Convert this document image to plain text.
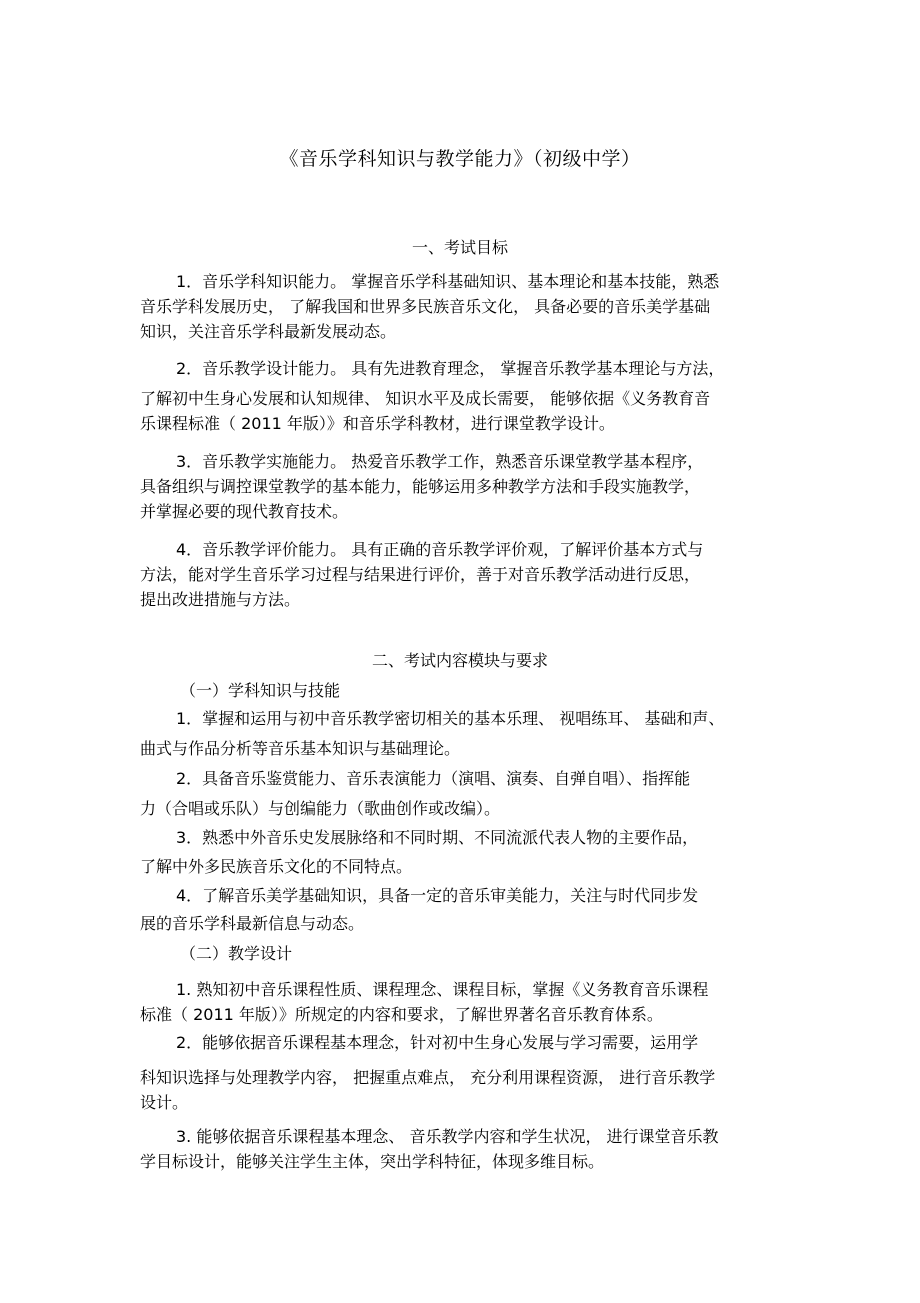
《音乐学科知识与教学能力》（初级中学）
一、考试目标
1．音乐学科知识能力。 掌握音乐学科基础知识、基本理论和基本技能，熟悉
音乐学科发展历史， 了解我国和世界多民族音乐文化， 具备必要的音乐美学基础
知识，关注音乐学科最新发展动态。
2．音乐教学设计能力。 具有先进教育理念， 掌握音乐教学基本理论与方法，
了解初中生身心发展和认知规律、 知识水平及成长需要， 能够依据《义务教育音
乐课程标准（ 2011 年版）》和音乐学科教材，进行课堂教学设计。
3．音乐教学实施能力。 热爱音乐教学工作，熟悉音乐课堂教学基本程序，
具备组织与调控课堂教学的基本能力，能够运用多种教学方法和手段实施教学，
并掌握必要的现代教育技术。
4．音乐教学评价能力。 具有正确的音乐教学评价观，了解评价基本方式与
方法，能对学生音乐学习过程与结果进行评价，善于对音乐教学活动进行反思，
提出改进措施与方法。
二、考试内容模块与要求
（一）学科知识与技能
1．掌握和运用与初中音乐教学密切相关的基本乐理、 视唱练耳、 基础和声、
曲式与作品分析等音乐基本知识与基础理论。
2．具备音乐鉴赏能力、音乐表演能力（演唱、演奏、自弹自唱）、指挥能
力（合唱或乐队）与创编能力（歌曲创作或改编）。
3．熟悉中外音乐史发展脉络和不同时期、不同流派代表人物的主要作品，
了解中外多民族音乐文化的不同特点。
4．了解音乐美学基础知识，具备一定的音乐审美能力，关注与时代同步发
展的音乐学科最新信息与动态。
（二）教学设计
1. 熟知初中音乐课程性质、课程理念、课程目标，掌握《义务教育音乐课程
标准（ 2011 年版）》所规定的内容和要求，了解世界著名音乐教育体系。
2．能够依据音乐课程基本理念，针对初中生身心发展与学习需要，运用学
科知识选择与处理教学内容， 把握重点难点， 充分利用课程资源， 进行音乐教学
设计。
3. 能够依据音乐课程基本理念、 音乐教学内容和学生状况， 进行课堂音乐教
学目标设计，能够关注学生主体，突出学科特征，体现多维目标。
